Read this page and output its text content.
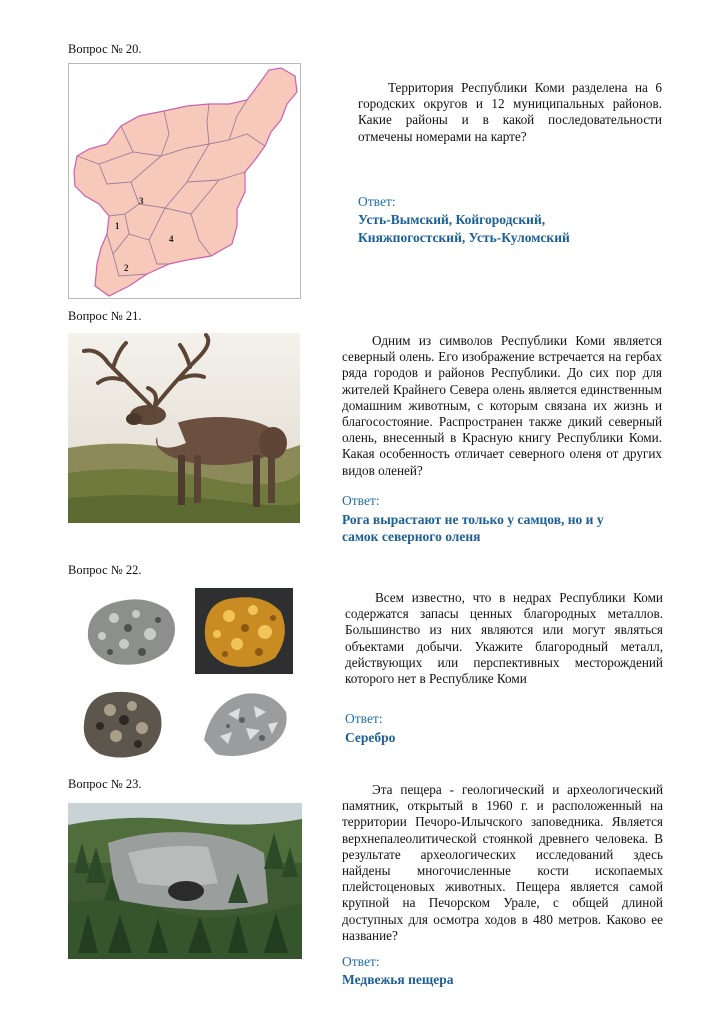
Вопрос № 20.
1
2
3
4

Территория Республики Коми разделена на 6 городских округов и 12 муниципальных районов. Какие районы и в какой последовательности отмечены номерами на карте?

Ответ:
Усть-Вымский, Койгородский,
Княжпогостский, Усть-Куломский
Вопрос № 21.

Одним из символов Республики Коми является северный олень. Его изображение встречается на гербах ряда городов и районов Республики. До сих пор для жителей Крайнего Севера олень является единственным домашним животным, с которым связана их жизнь и благосостояние. Распространен также дикий северный олень, внесенный в Красную книгу Республики Коми. Какая особенность отличает северного оленя от других видов оленей?

Ответ:
Рога вырастают не только у самцов, но и у
самок северного оленя
Вопрос № 22.

Всем известно, что в недрах Республики Коми содержатся запасы ценных благородных металлов. Большинство из них являются или могут являться объектами добычи. Укажите благородный металл, действующих или перспективных месторождений которого нет в Республике Коми

Ответ:
Серебро
Вопрос № 23.	Эта пещера - геологический и археологический памятник, открытый в 1960 г. и расположенный на территории Печоро-Илычского заповедника. Является верхнепалеолитической стоянкой древнего человека. В результате археологических исследований здесь найдены многочисленные кости ископаемых плейстоценовых животных. Пещера является самой крупной на Печорском Урале, с общей длиной доступных для осмотра ходов в 480 метров. Каково ее название?

Ответ:
Медвежья пещера
